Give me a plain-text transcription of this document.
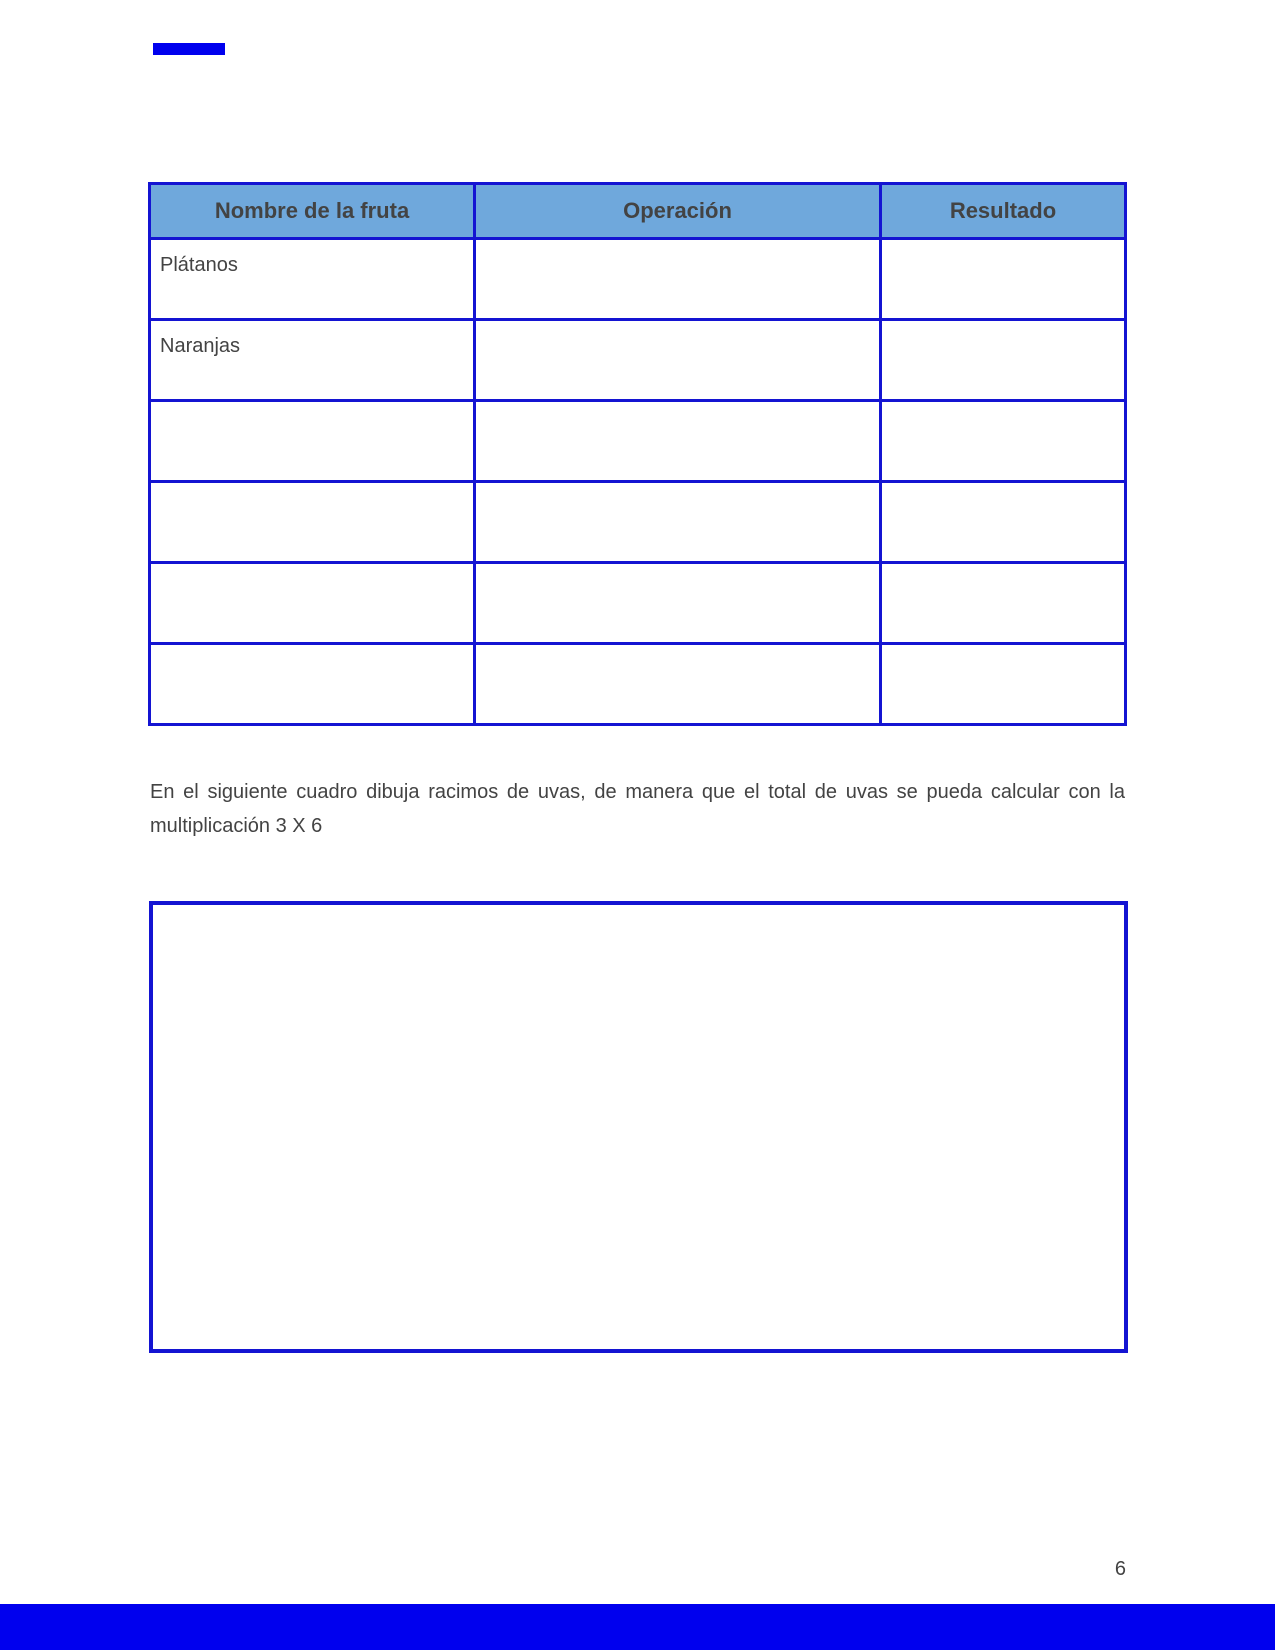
Nombre de la fruta	Operación	Resultado
Plátanos		
Naranjas		

En el siguiente cuadro dibuja racimos de uvas, de manera que el total de uvas se pueda calcular con la multiplicación 3 X 6

6
